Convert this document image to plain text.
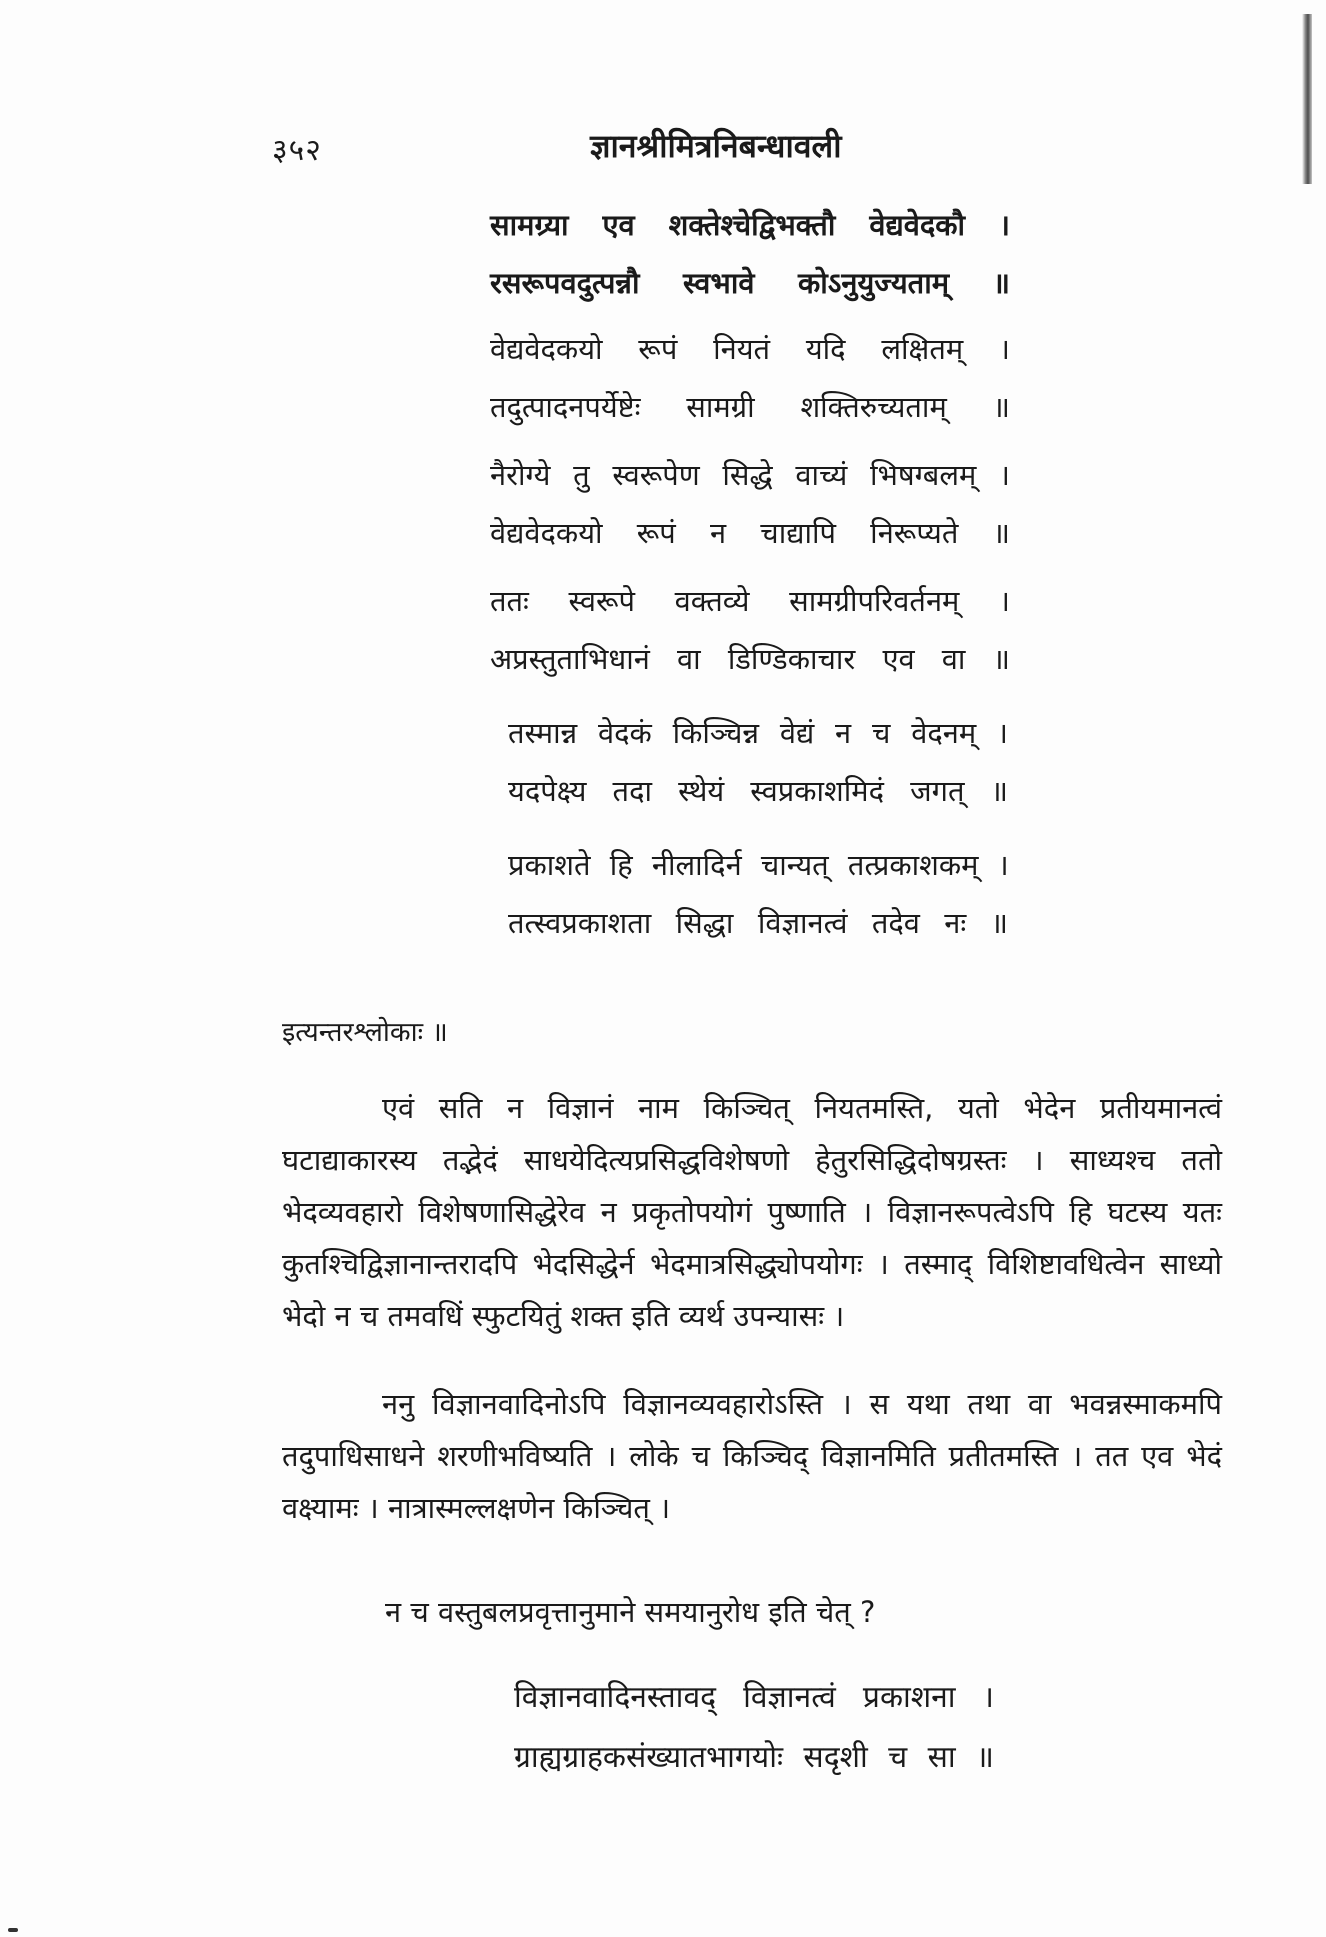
३५२	ज्ञानश्रीमित्रनिबन्धावली
सामग्र्या एव शक्तेश्चेद्विभक्तौ वेद्यवेदकौ ।
रसरूपवदुत्पन्नौ स्वभावे कोऽनुयुज्यताम् ॥
वेद्यवेदकयो रूपं नियतं यदि लक्षितम् ।
तदुत्पादनपर्येष्टेः सामग्री शक्तिरुच्यताम् ॥
नैरोग्ये तु स्वरूपेण सिद्धे वाच्यं भिषग्बलम् ।
वेद्यवेदकयो रूपं न चाद्यापि निरूप्यते ॥
ततः स्वरूपे वक्तव्ये सामग्रीपरिवर्तनम् ।
अप्रस्तुताभिधानं वा डिण्डिकाचार एव वा ॥
तस्मान्न वेदकं किञ्चिन्न वेद्यं न च वेदनम् ।
यदपेक्ष्य तदा स्थेयं स्वप्रकाशमिदं जगत् ॥
प्रकाशते हि नीलादिर्न चान्यत् तत्प्रकाशकम् ।
तत्स्वप्रकाशता सिद्धा विज्ञानत्वं तदेव नः ॥
इत्यन्तरश्लोकाः ॥
एवं सति न विज्ञानं नाम किञ्चित् नियतमस्ति, यतो भेदेन प्रतीयमानत्वं घटाद्याकारस्य तद्भेदं साधयेदित्यप्रसिद्धविशेषणो हेतुरसिद्धिदोषग्रस्तः । साध्यश्च ततो भेदव्यवहारो विशेषणासिद्धेरेव न प्रकृतोपयोगं पुष्णाति । विज्ञानरूपत्वेऽपि हि घटस्य यतः कुतश्चिद्विज्ञानान्तरादपि भेदसिद्धेर्न भेदमात्रसिद्ध्योपयोगः । तस्माद् विशिष्टावधित्वेन साध्यो भेदो न च तमवधिं स्फुटयितुं शक्त इति व्यर्थ उपन्यासः ।
ननु विज्ञानवादिनोऽपि विज्ञानव्यवहारोऽस्ति । स यथा तथा वा भवन्नस्माकमपि तदुपाधिसाधने शरणीभविष्यति । लोके च किञ्चिद् विज्ञानमिति प्रतीतमस्ति । तत एव भेदं वक्ष्यामः । नात्रास्मल्लक्षणेन किञ्चित् ।
न च वस्तुबलप्रवृत्तानुमाने समयानुरोध इति चेत् ?
विज्ञानवादिनस्तावद् विज्ञानत्वं प्रकाशना ।
ग्राह्यग्राहकसंख्यातभागयोः सदृशी च सा ॥
